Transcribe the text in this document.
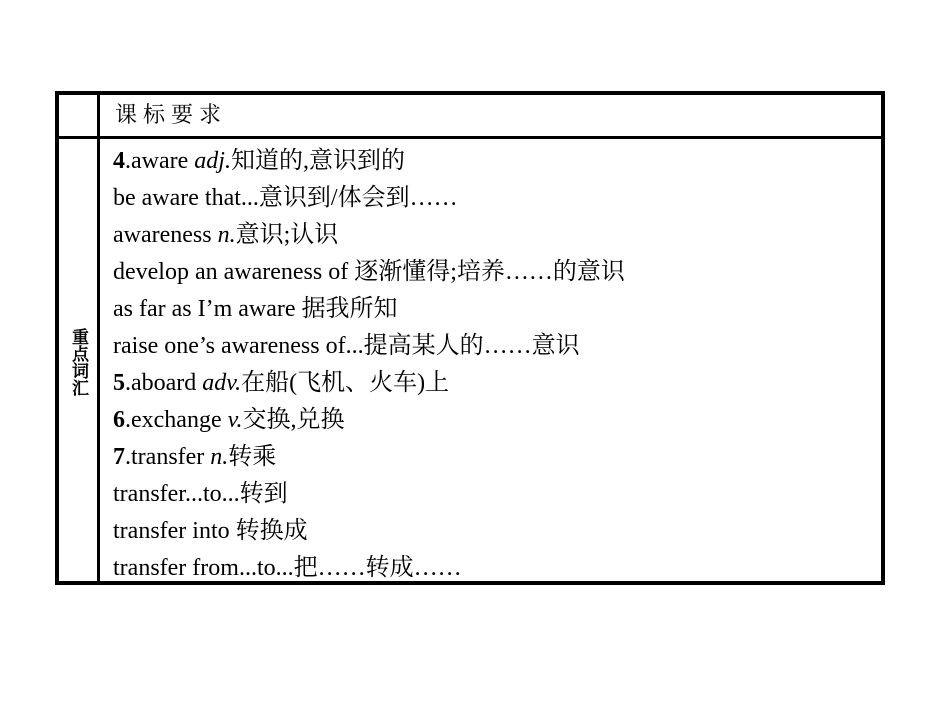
课标要求
重点词汇
4.aware adj.知道的,意识到的
be aware that...意识到/体会到……
awareness n.意识;认识
develop an awareness of 逐渐懂得;培养……的意识
as far as I’m aware 据我所知
raise one’s awareness of...提高某人的……意识
5.aboard adv.在船(飞机、火车)上
6.exchange v.交换,兑换
7.transfer n.转乘
transfer...to...转到
transfer into 转换成
transfer from...to...把……转成……
